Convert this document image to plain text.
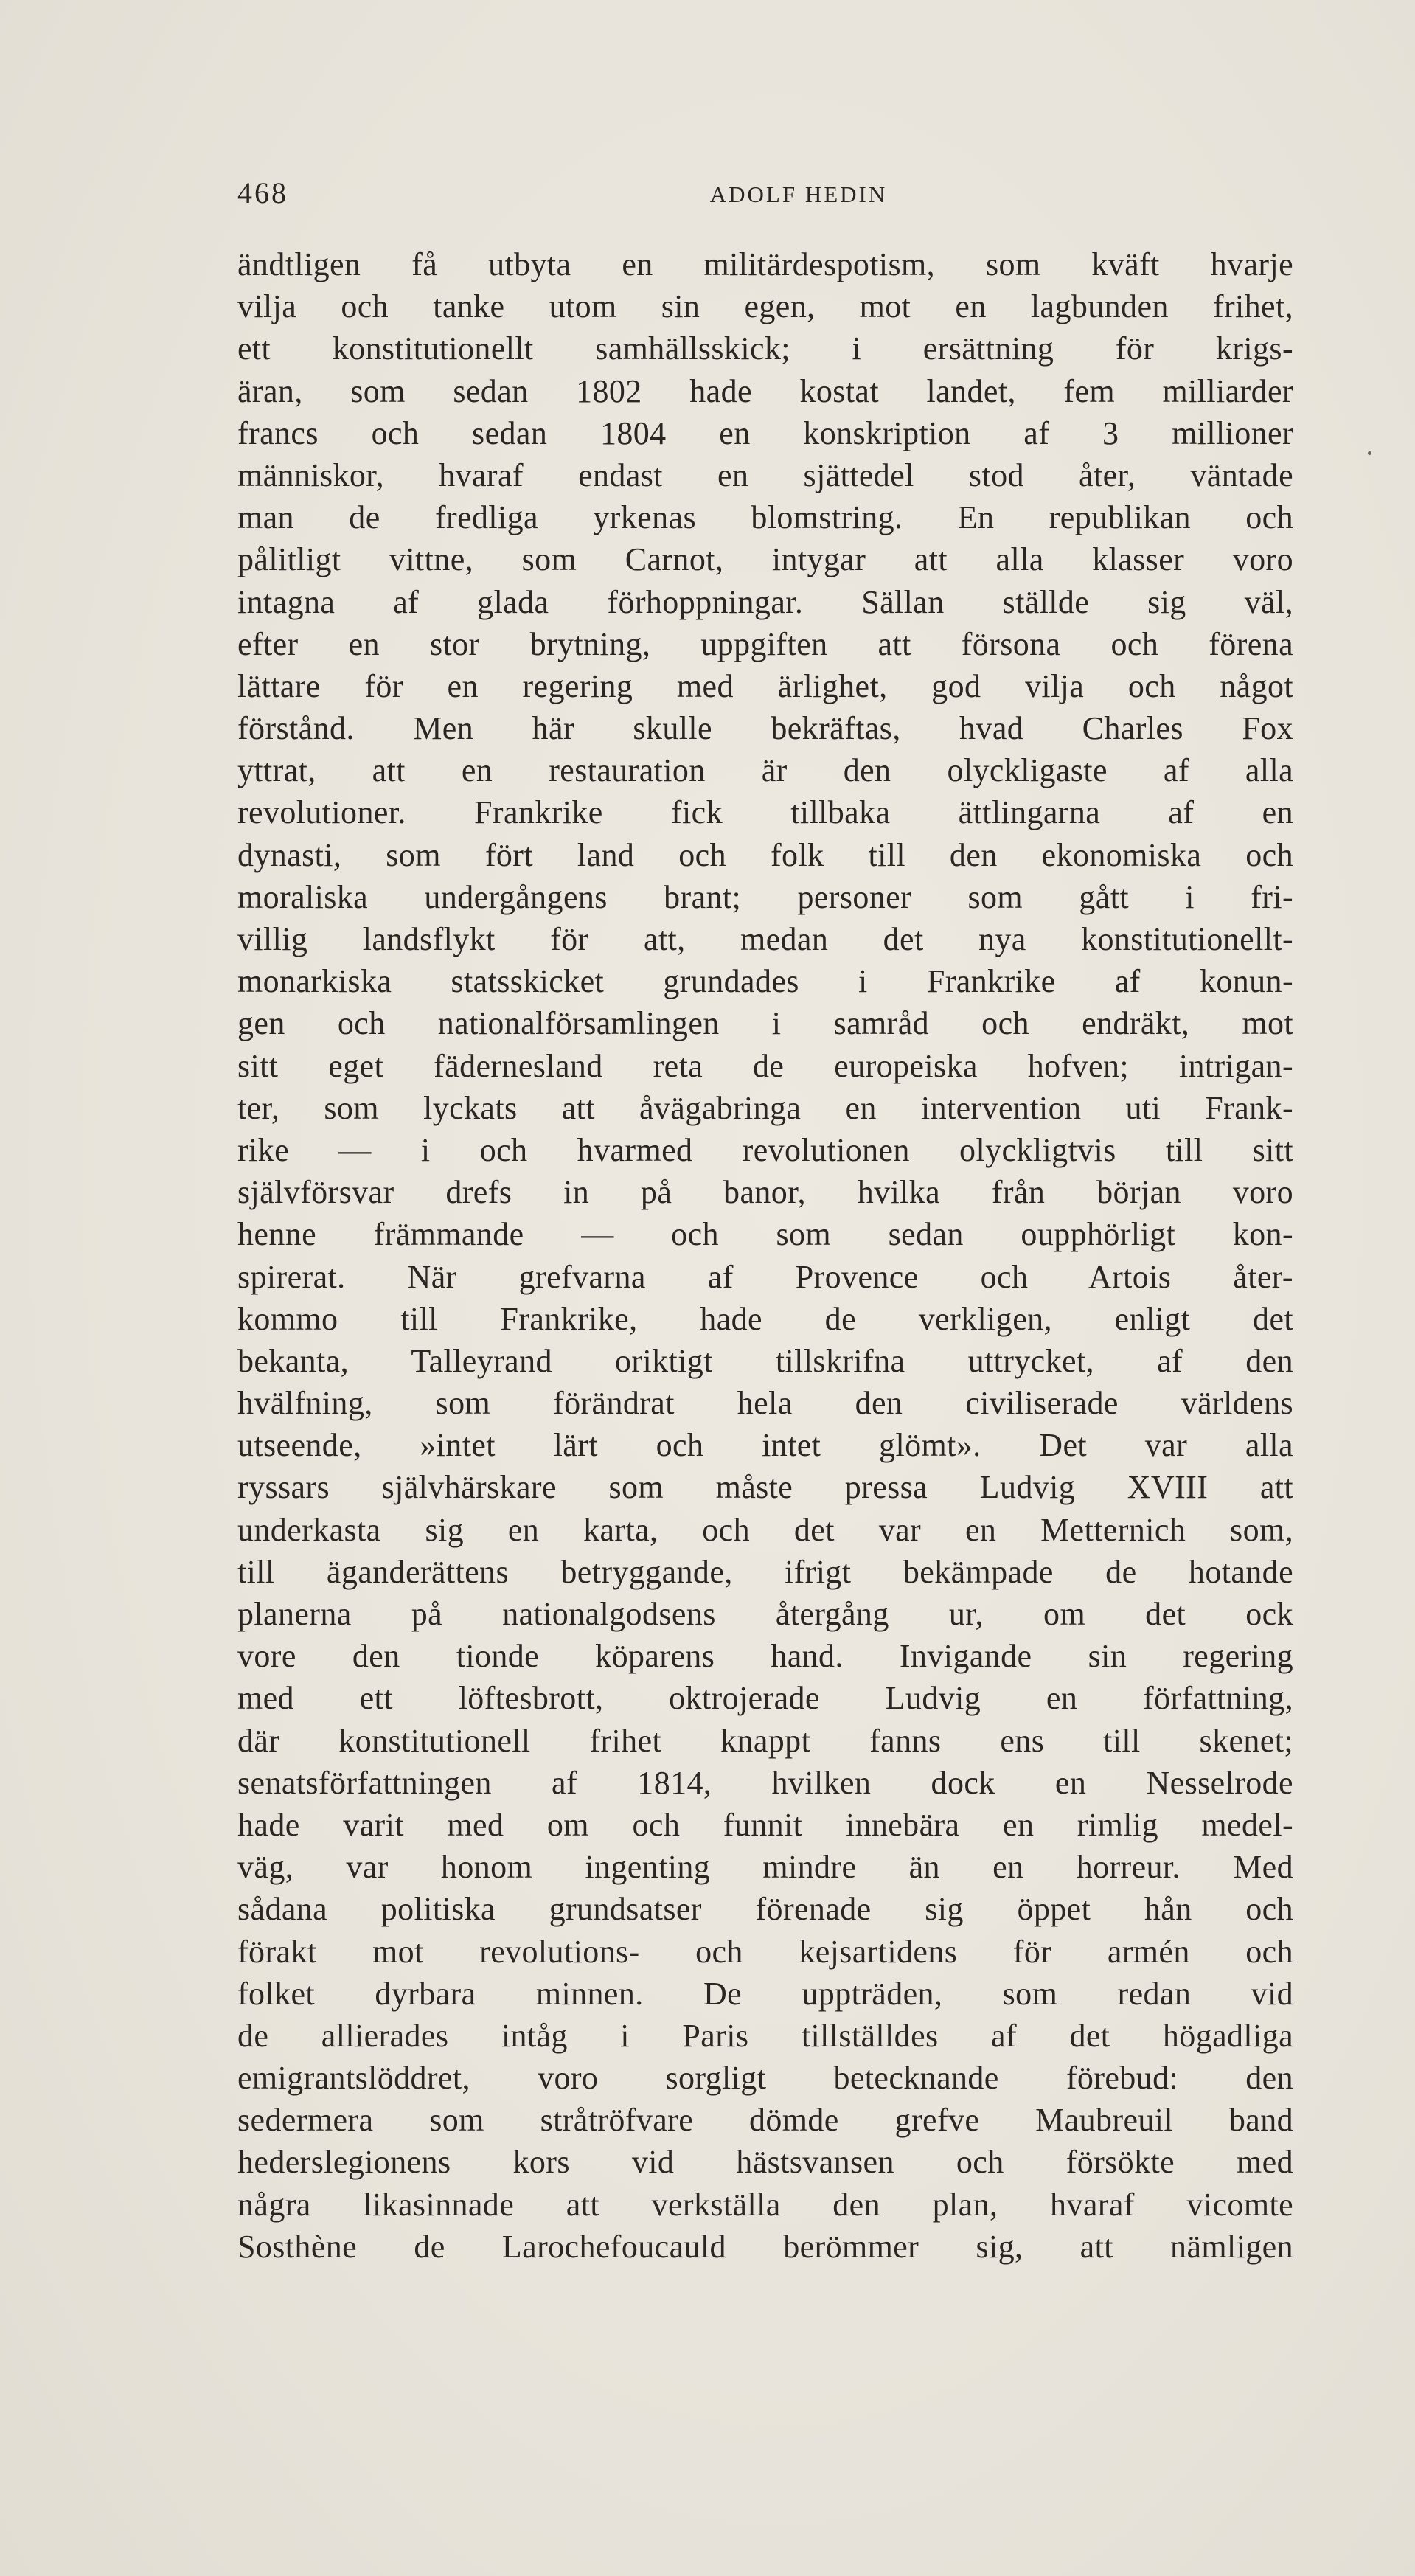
468	ADOLF HEDIN
ändtligen få utbyta en militärdespotism, som kväft hvarje
vilja och tanke utom sin egen, mot en lagbunden frihet,
ett konstitutionellt samhällsskick; i ersättning för krigs-
äran, som sedan 1802 hade kostat landet, fem milliarder
francs och sedan 1804 en konskription af 3 millioner
människor, hvaraf endast en sjättedel stod åter, väntade
man de fredliga yrkenas blomstring. En republikan och
pålitligt vittne, som Carnot, intygar att alla klasser voro
intagna af glada förhoppningar. Sällan ställde sig väl,
efter en stor brytning, uppgiften att försona och förena
lättare för en regering med ärlighet, god vilja och något
förstånd. Men här skulle bekräftas, hvad Charles Fox
yttrat, att en restauration är den olyckligaste af alla
revolutioner. Frankrike fick tillbaka ättlingarna af en
dynasti, som fört land och folk till den ekonomiska och
moraliska undergångens brant; personer som gått i fri-
villig landsflykt för att, medan det nya konstitutionellt-
monarkiska statsskicket grundades i Frankrike af konun-
gen och nationalförsamlingen i samråd och endräkt, mot
sitt eget fädernesland reta de europeiska hofven; intrigan-
ter, som lyckats att åvägabringa en intervention uti Frank-
rike — i och hvarmed revolutionen olyckligtvis till sitt
självförsvar drefs in på banor, hvilka från början voro
henne främmande — och som sedan oupphörligt kon-
spirerat. När grefvarna af Provence och Artois åter-
kommo till Frankrike, hade de verkligen, enligt det
bekanta, Talleyrand oriktigt tillskrifna uttrycket, af den
hvälfning, som förändrat hela den civiliserade världens
utseende, »intet lärt och intet glömt». Det var alla
ryssars självhärskare som måste pressa Ludvig XVIII att
underkasta sig en karta, och det var en Metternich som,
till äganderättens betryggande, ifrigt bekämpade de hotande
planerna på nationalgodsens återgång ur, om det ock
vore den tionde köparens hand. Invigande sin regering
med ett löftesbrott, oktrojerade Ludvig en författning,
där konstitutionell frihet knappt fanns ens till skenet;
senatsförfattningen af 1814, hvilken dock en Nesselrode
hade varit med om och funnit innebära en rimlig medel-
väg, var honom ingenting mindre än en horreur. Med
sådana politiska grundsatser förenade sig öppet hån och
förakt mot revolutions- och kejsartidens för armén och
folket dyrbara minnen. De uppträden, som redan vid
de allierades intåg i Paris tillställdes af det högadliga
emigrantslöddret, voro sorgligt betecknande förebud: den
sedermera som stråtröfvare dömde grefve Maubreuil band
hederslegionens kors vid hästsvansen och försökte med
några likasinnade att verkställa den plan, hvaraf vicomte
Sosthène de Larochefoucauld berömmer sig, att nämligen
